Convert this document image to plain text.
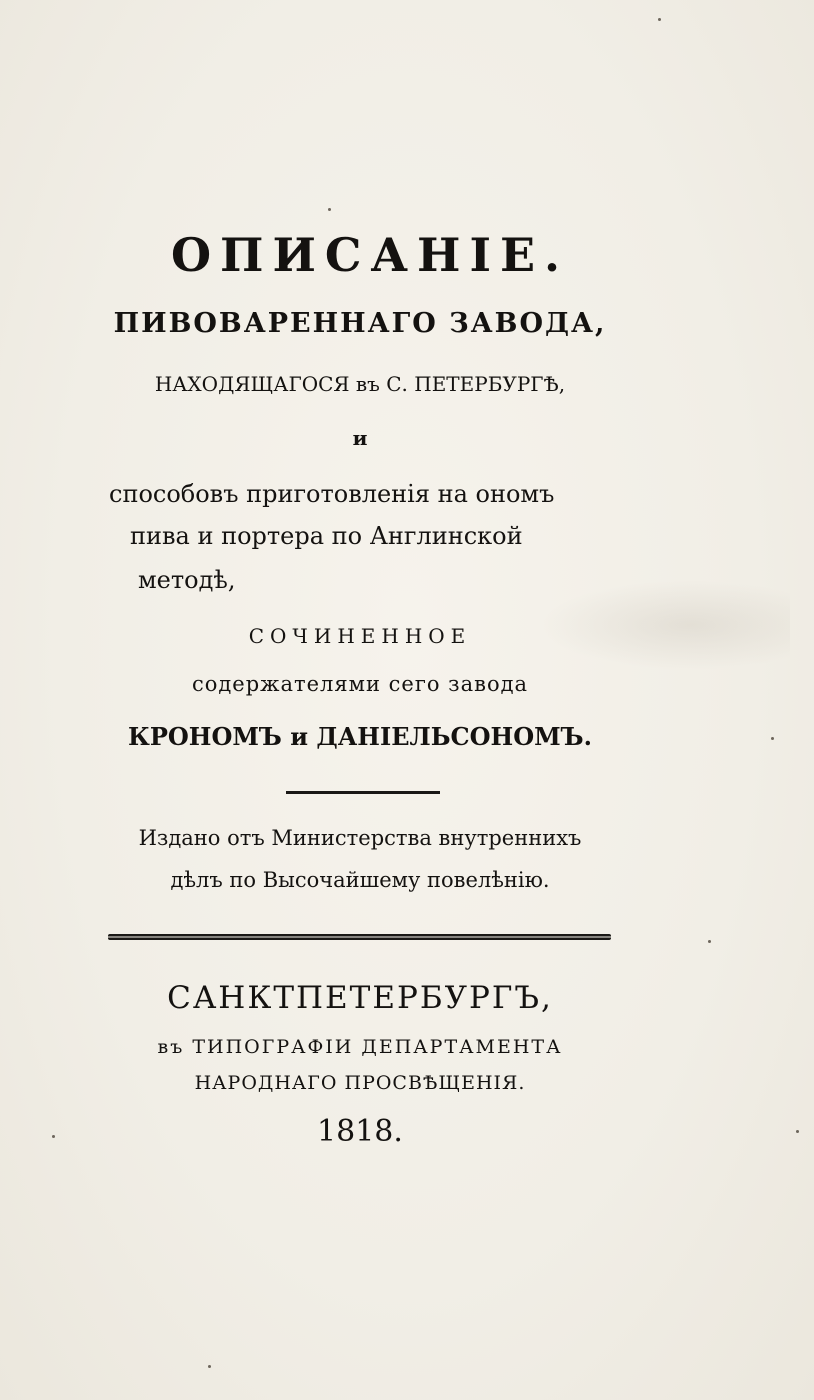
ОПИСАНІЕ.
ПИВОВАРЕННАГО ЗАВОДА,
НАХОДЯЩАГОСЯ въ С. ПЕТЕРБУРГѢ,
и
способовъ приготовленія на ономъ
пива и портера по Англинской
методѣ,
СОЧИНЕННОЕ
содержателями сего завода
КРОНОМЪ и ДАНІЕЛЬСОНОМЪ.
Издано отъ Министерства внутреннихъ
дѣлъ по Высочайшему повелѣнію.
САНКТПЕТЕРБУРГЪ,
въ ТИПОГРАФІИ ДЕПАРТАМЕНТА
НАРОДНАГО ПРОСВѢЩЕНІЯ.
1818.
